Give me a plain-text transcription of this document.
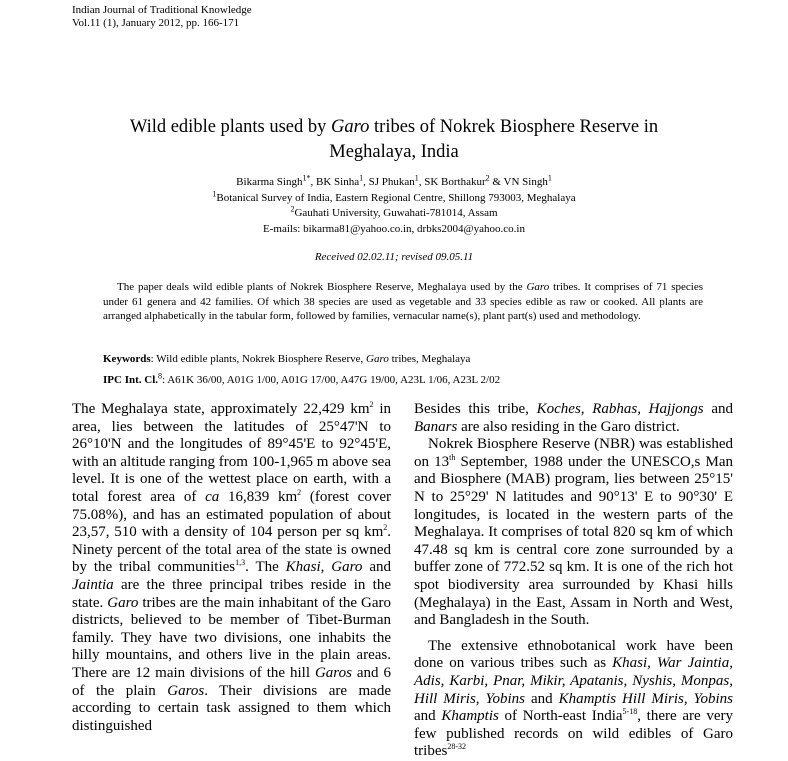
Indian Journal of Traditional Knowledge
Vol.11 (1), January 2012, pp. 166-171
Wild edible plants used by Garo tribes of Nokrek Biosphere Reserve in
Meghalaya, India
Bikarma Singh$^{1*}$, BK Sinha$^1$, SJ Phukan$^1$, SK Borthakur$^2$ & VN Singh$^1$
$^1$Botanical Survey of India, Eastern Regional Centre, Shillong 793003, Meghalaya
$^2$Gauhati University, Guwahati-781014, Assam
E-mails: bikarma81@yahoo.co.in, drbks2004@yahoo.co.in
Received 02.02.11; revised 09.05.11
The paper deals wild edible plants of Nokrek Biosphere Reserve, Meghalaya used by the Garo tribes. It comprises of 71 species under 61 genera and 42 families. Of which 38 species are used as vegetable and 33 species edible as raw or cooked. All plants are arranged alphabetically in the tabular form, followed by families, vernacular name(s), plant part(s) used and methodology.
Keywords: Wild edible plants, Nokrek Biosphere Reserve, Garo tribes, Meghalaya
IPC Int. Cl.$^8$: A61K 36/00, A01G 1/00, A01G 17/00, A47G 19/00, A23L 1/06, A23L 2/02

The Meghalaya state, approximately 22,429 $km^2$ in area, lies between the latitudes of 25°47'N to 26°10'N and the longitudes of 89°45'E to 92°45'E, with an altitude ranging from 100-1,965 m above sea level. It is one of the wettest place on earth, with a total forest area of ca 16,839 $km^2$ (forest cover 75.08%), and has an estimated population of about 23,57, 510 with a density of 104 person per sq $km^2$. Ninety percent of the total area of the state is owned by the tribal communities$^{1,3}$. The Khasi, Garo and Jaintia are the three principal tribes reside in the state. Garo tribes are the main inhabitant of the Garo districts, believed to be member of Tibet-Burman family. They have two divisions, one inhabits the hilly mountains, and others live in the plain areas. There are 12 main divisions of the hill Garos and 6 of the plain Garos. Their divisions are made according to certain task assigned to them which distinguished

Besides this tribe, Koches, Rabhas, Hajjongs and Banars are also residing in the Garo district.

Nokrek Biosphere Reserve (NBR) was established on 13th September, 1988 under the UNESCO,s Man and Biosphere (MAB) program, lies between 25°15' N to 25°29' N latitudes and 90°13' E to 90°30' E longitudes, is located in the western parts of the Meghalaya. It comprises of total 820 sq km of which 47.48 sq km is central core zone surrounded by a buffer zone of 772.52 sq km. It is one of the rich hot spot biodiversity area surrounded by Khasi hills (Meghalaya) in the East, Assam in North and West, and Bangladesh in the South.

The extensive ethnobotanical work have been done on various tribes such as Khasi, War Jaintia, Adis, Karbi, Pnar, Mikir, Apatanis, Nyshis, Monpas, Hill Miris, Yobins and Khamptis Hill Miris, Yobins and Khamptis of North-east India$^{5-18}$, there are very few published records on wild edibles of Garo tribes$^{28-32}$
